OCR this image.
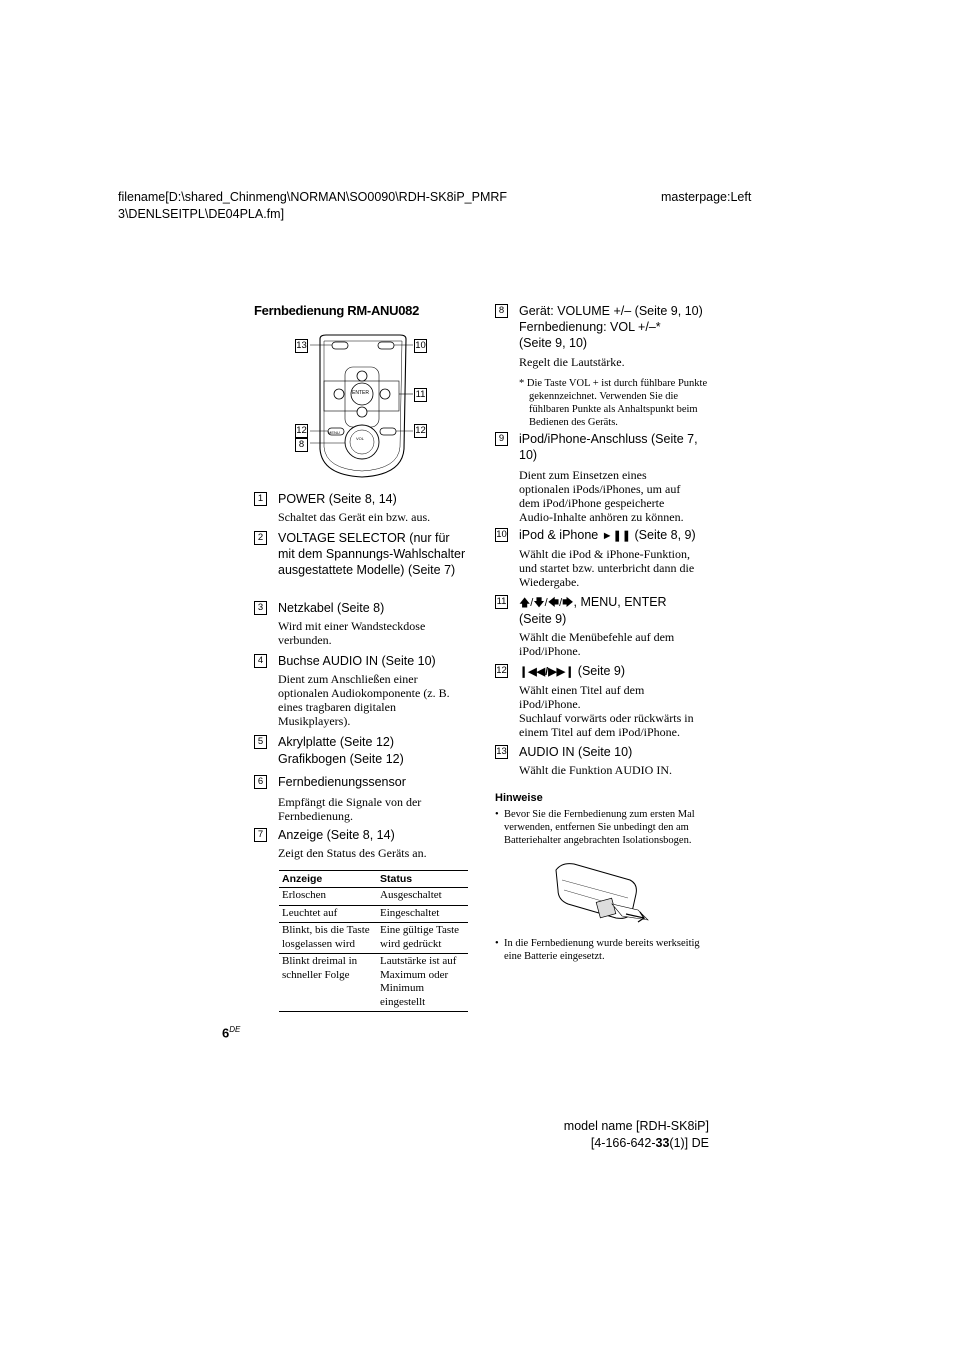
filename[D:\shared_Chinmeng\NORMAN\SO0090\RDH-SK8iP_PMRF
3\DENLSEITPL\DE04PLA.fm]
masterpage:Left
Fernbedienung RM-ANU082
ENTER
MENU
VOL
13	10
11
12
8
12
1	POWER (Seite 8, 14)
Schaltet das Gerät ein bzw. aus.
2	VOLTAGE SELECTOR (nur für mit dem Spannungs-Wahlschalter ausgestattete Modelle) (Seite 7)
3	Netzkabel (Seite 8)
Wird mit einer Wandsteckdose verbunden.
4	Buchse AUDIO IN (Seite 10)
Dient zum Anschließen einer optionalen Audiokomponente (z. B. eines tragbaren digitalen Musikplayers).
5	Akrylplatte (Seite 12)
Grafikbogen (Seite 12)
6	Fernbedienungssensor
Empfängt die Signale von der Fernbedienung.
7	Anzeige (Seite 8, 14)
Zeigt den Status des Geräts an.
Anzeige	Status
Erloschen	Ausgeschaltet
Leuchtet auf	Eingeschaltet
Blinkt, bis die Taste losgelassen wird	Eine gültige Taste wird gedrückt
Blinkt dreimal in schneller Folge	Lautstärke ist auf Maximum oder Minimum eingestellt
8	Gerät: VOLUME +/– (Seite 9, 10)
Fernbedienung: VOL +/–*
(Seite 9, 10)
Regelt die Lautstärke.
* Die Taste VOL + ist durch fühlbare Punkte gekennzeichnet. Verwenden Sie die fühlbaren Punkte als Anhaltspunkt beim Bedienen des Geräts.
9	iPod/iPhone-Anschluss (Seite 7, 10)
Dient zum Einsetzen eines optionalen iPods/iPhones, um auf dem iPod/iPhone gespeicherte Audio-Inhalte anhören zu können.
10 iPod & iPhone ►❚❚ (Seite 8, 9)
Wählt die iPod & iPhone-Funktion, und startet bzw. unterbricht dann die Wiedergabe.
11 🡅/🡇/🡄/🡆, MENU, ENTER
(Seite 9)
Wählt die Menübefehle auf dem iPod/iPhone.
12 ❙◀◀/▶▶❙ (Seite 9)
Wählt einen Titel auf dem iPod/iPhone.
Suchlauf vorwärts oder rückwärts in einem Titel auf dem iPod/iPhone.
13 AUDIO IN (Seite 10)
Wählt die Funktion AUDIO IN.
Hinweise
• Bevor Sie die Fernbedienung zum ersten Mal verwenden, entfernen Sie unbedingt den am Batteriehalter angebrachten Isolationsbogen.
• In die Fernbedienung wurde bereits werkseitig eine Batterie eingesetzt.
6DE
model name [RDH-SK8iP]
[4-166-642-33(1)] DE
